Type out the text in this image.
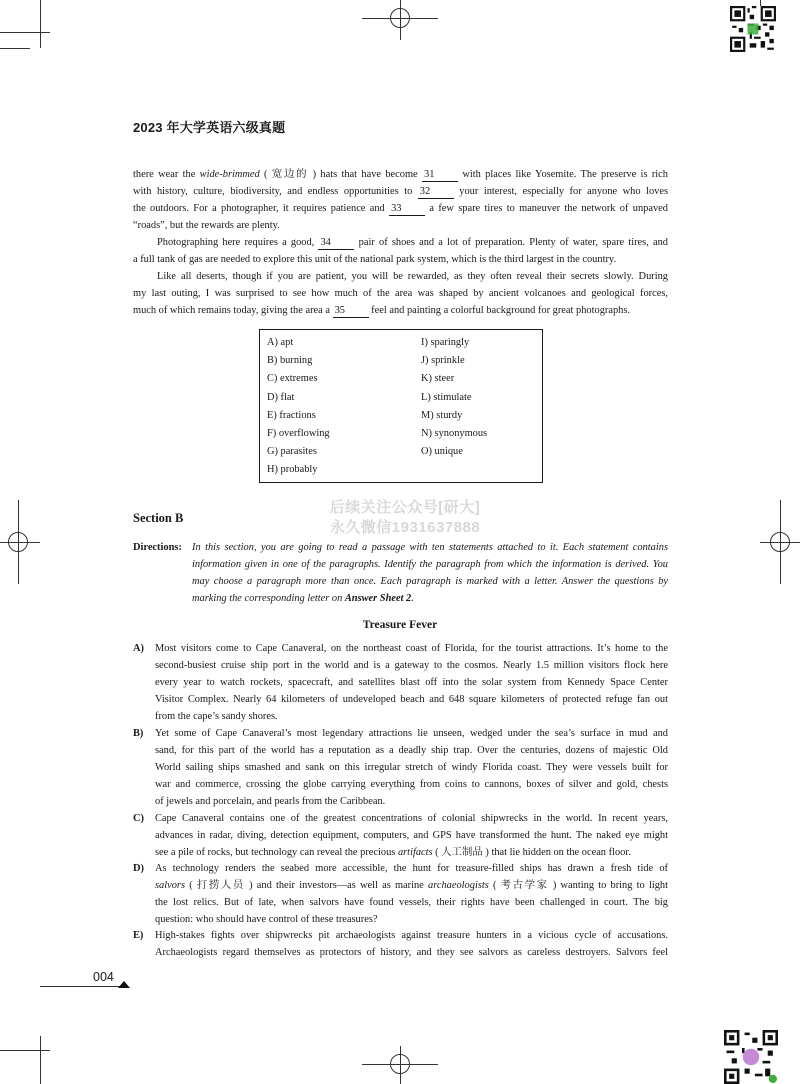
2023 年大学英语六级真题
there wear the wide-brimmed ( 宽边的 ) hats that have become 31 with places like Yosemite. The preserve is rich
with history, culture, biodiversity, and endless opportunities to 32 your interest, especially for anyone who loves
the outdoors. For a photographer, it requires patience and 33 a few spare tires to maneuver the network of unpaved
“roads”, but the rewards are plenty.
Photographing here requires a good, 34 pair of shoes and a lot of preparation. Plenty of water, spare tires, and
a full tank of gas are needed to explore this unit of the national park system, which is the third largest in the country.
Like all deserts, though if you are patient, you will be rewarded, as they often reveal their secrets slowly. During
my last outing, I was surprised to see how much of the area was shaped by ancient volcanoes and geological forces,
much of which remains today, giving the area a 35 feel and painting a colorful background for great photographs.
A) apt
B) burning
C) extremes
D) flat
E) fractions
F) overflowing
G) parasites
H) probably
I) sparingly
J) sprinkle
K) steer
L) stimulate
M) sturdy
N) synonymous
O) unique
后续关注公众号[研大]
永久微信1931637888
Section B
Directions: In this section, you are going to read a passage with ten statements attached to it. Each statement contains information given in one of the paragraphs. Identify the paragraph from which the information is derived. You may choose a paragraph more than once. Each paragraph is marked with a letter. Answer the questions by marking the corresponding letter on Answer Sheet 2.
Treasure Fever
A) Most visitors come to Cape Canaveral, on the northeast coast of Florida, for the tourist attractions. It’s home to the
second-busiest cruise ship port in the world and is a gateway to the cosmos. Nearly 1.5 million visitors flock here
every year to watch rockets, spacecraft, and satellites blast off into the solar system from Kennedy Space Center
Visitor Complex. Nearly 64 kilometers of undeveloped beach and 648 square kilometers of protected refuge fan out
from the cape’s sandy shores.
B) Yet some of Cape Canaveral’s most legendary attractions lie unseen, wedged under the sea’s surface in mud and
sand, for this part of the world has a reputation as a deadly ship trap. Over the centuries, dozens of majestic Old
World sailing ships smashed and sank on this irregular stretch of windy Florida coast. They were vessels built for
war and commerce, crossing the globe carrying everything from coins to cannons, boxes of silver and gold, chests
of jewels and porcelain, and pearls from the Caribbean.
C) Cape Canaveral contains one of the greatest concentrations of colonial shipwrecks in the world. In recent years,
advances in radar, diving, detection equipment, computers, and GPS have transformed the hunt. The naked eye might
see a pile of rocks, but technology can reveal the precious artifacts ( 人工制品 ) that lie hidden on the ocean floor.
D) As technology renders the seabed more accessible, the hunt for treasure-filled ships has drawn a fresh tide of
salvors ( 打捞人员 ) and their investors—as well as marine archaeologists ( 考古学家 ) wanting to bring to light
the lost relics. But of late, when salvors have found vessels, their rights have been challenged in court. The big
question: who should have control of these treasures?
E) High-stakes fights over shipwrecks pit archaeologists against treasure hunters in a vicious cycle of accusations.
Archaeologists regard themselves as protectors of history, and they see salvors as careless destroyers. Salvors feel
004
